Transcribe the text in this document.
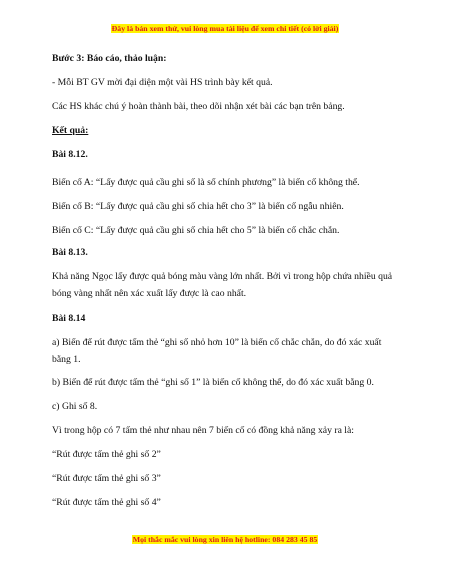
Đây là bản xem thử, vui lòng mua tài liệu để xem chi tiết (có lời giải)
Bước 3: Báo cáo, thảo luận:
- Mỗi BT GV mời đại diện một vài HS trình bày kết quả.
Các HS khác chú ý hoàn thành bài, theo dõi nhận xét bài các bạn trên bảng.
Kết quả:
Bài 8.12.
Biến cố A: “Lấy được quả cầu ghi số là số chính phương” là biến cố không thể.
Biến cố B: “Lấy được quả cầu ghi số chia hết cho 3” là biến cố ngẫu nhiên.
Biến cố C: “Lấy được quả cầu ghi số chia hết cho 5” là biến cố chắc chắn.
Bài 8.13.
Khả năng Ngọc lấy được quả bóng màu vàng lớn nhất. Bởi vì trong hộp chứa nhiều quả bóng vàng nhất nên xác xuất lấy được là cao nhất.
Bài 8.14
a) Biến để rút được tấm thẻ “ghi số nhỏ hơn 10” là biến cố chắc chắn, do đó xác xuất bằng 1.
b) Biến để rút được tấm thẻ “ghi số 1” là biến cố không thể, do đó xác xuất bằng 0.
c) Ghi số 8.
Vì trong hộp có 7 tấm thẻ như nhau nên 7 biến cố có đồng khả năng xảy ra là:
“Rút được tấm thẻ ghi số 2”
“Rút được tấm thẻ ghi số 3”
“Rút được tấm thẻ ghi số 4”
Mọi thắc mắc vui lòng xin liên hệ hotline: 084 283 45 85
